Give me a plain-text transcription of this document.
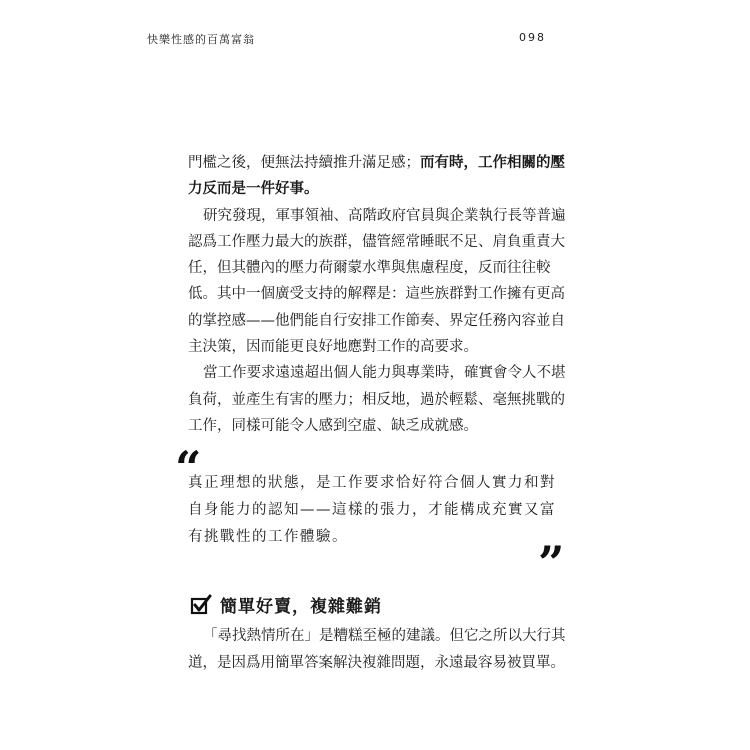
快樂性感的百萬富翁	098

門檻之後，便無法持續推升滿足感；而有時，工作相關的壓力反而是一件好事。

研究發現，軍事領袖、高階政府官員與企業執行長等普遍認爲工作壓力最大的族群，儘管經常睡眠不足、肩負重責大任，但其體內的壓力荷爾蒙水準與焦慮程度，反而往往較低。其中一個廣受支持的解釋是：這些族群對工作擁有更高的掌控感——他們能自行安排工作節奏、界定任務內容並自主決策，因而能更良好地應對工作的高要求。

當工作要求遠遠超出個人能力與專業時，確實會令人不堪負荷，並產生有害的壓力；相反地，過於輕鬆、毫無挑戰的工作，同樣可能令人感到空虛、缺乏成就感。

“

真正理想的狀態，是工作要求恰好符合個人實力和對自身能力的認知——這樣的張力，才能構成充實又富有挑戰性的工作體驗。	”
簡單好賣，複雜難銷

「尋找熱情所在」是糟糕至極的建議。但它之所以大行其道，是因爲用簡單答案解決複雜問題，永遠最容易被買單。
